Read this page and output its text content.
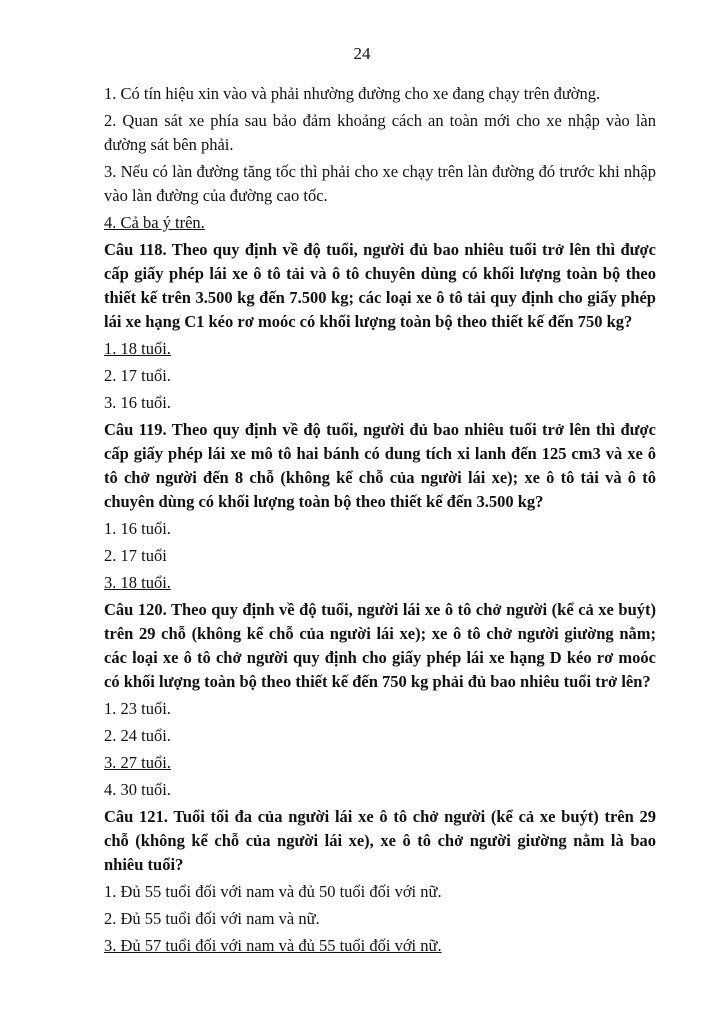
24

1. Có tín hiệu xin vào và phải nhường đường cho xe đang chạy trên đường.

2. Quan sát xe phía sau bảo đảm khoảng cách an toàn mới cho xe nhập vào làn đường sát bên phải.

3. Nếu có làn đường tăng tốc thì phải cho xe chạy trên làn đường đó trước khi nhập vào làn đường của đường cao tốc.

4. Cả ba ý trên.

Câu 118. Theo quy định về độ tuổi, người đủ bao nhiêu tuổi trở lên thì được cấp giấy phép lái xe ô tô tải và ô tô chuyên dùng có khối lượng toàn bộ theo thiết kế trên 3.500 kg đến 7.500 kg; các loại xe ô tô tải quy định cho giấy phép lái xe hạng C1 kéo rơ moóc có khối lượng toàn bộ theo thiết kế đến 750 kg?

1. 18 tuổi.

2. 17 tuổi.

3. 16 tuổi.

Câu 119. Theo quy định về độ tuổi, người đủ bao nhiêu tuổi trở lên thì được cấp giấy phép lái xe mô tô hai bánh có dung tích xi lanh đến 125 cm3 và xe ô tô chở người đến 8 chỗ (không kể chỗ của người lái xe); xe ô tô tải và ô tô chuyên dùng có khối lượng toàn bộ theo thiết kế đến 3.500 kg?

1. 16 tuổi.

2. 17 tuổi

3. 18 tuổi.

Câu 120. Theo quy định về độ tuổi, người lái xe ô tô chở người (kể cả xe buýt) trên 29 chỗ (không kể chỗ của người lái xe); xe ô tô chở người giường nằm; các loại xe ô tô chở người quy định cho giấy phép lái xe hạng D kéo rơ moóc có khối lượng toàn bộ theo thiết kế đến 750 kg phải đủ bao nhiêu tuổi trở lên?

1. 23 tuổi.

2. 24 tuổi.

3. 27 tuổi.

4. 30 tuổi.

Câu 121. Tuổi tối đa của người lái xe ô tô chở người (kể cả xe buýt) trên 29 chỗ (không kể chỗ của người lái xe), xe ô tô chở người giường nằm là bao nhiêu tuổi?

1. Đủ 55 tuổi đối với nam và đủ 50 tuổi đối với nữ.

2. Đủ 55 tuổi đối với nam và nữ.

3. Đủ 57 tuổi đối với nam và đủ 55 tuổi đối với nữ.
